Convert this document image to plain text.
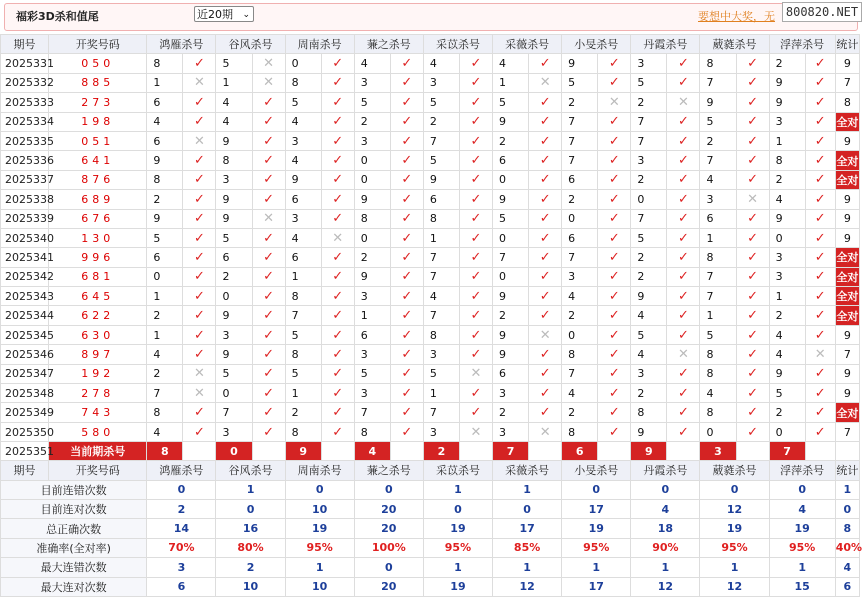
福彩3D杀和值尾	近20期 ⌄	要想中大奖，无 800820.NET
期号	开奖号码	鸿雁杀号		谷风杀号		周南杀号		蒹之杀号		采苡杀号		采薇杀号		小旻杀号		丹霞杀号		葳蕤杀号		浮萍杀号		统计
2025331	050	8	✓	5	✕	0	✓	4	✓	4	✓	4	✓	9	✓	3	✓	8	✓	2	✓	9
2025332	885	1	✕	1	✕	8	✓	3	✓	3	✓	1	✕	5	✓	5	✓	7	✓	9	✓	7
2025333	273	6	✓	4	✓	5	✓	5	✓	5	✓	5	✓	2	✕	2	✕	9	✓	9	✓	8
2025334	198	4	✓	4	✓	4	✓	2	✓	2	✓	9	✓	7	✓	7	✓	5	✓	3	✓	全对
2025335	051	6	✕	9	✓	3	✓	3	✓	7	✓	2	✓	7	✓	7	✓	2	✓	1	✓	9
2025336	641	9	✓	8	✓	4	✓	0	✓	5	✓	6	✓	7	✓	3	✓	7	✓	8	✓	全对
2025337	876	8	✓	3	✓	9	✓	0	✓	9	✓	0	✓	6	✓	2	✓	4	✓	2	✓	全对
2025338	689	2	✓	9	✓	6	✓	9	✓	6	✓	9	✓	2	✓	0	✓	3	✕	4	✓	9
2025339	676	9	✓	9	✕	3	✓	8	✓	8	✓	5	✓	0	✓	7	✓	6	✓	9	✓	9
2025340	130	5	✓	5	✓	4	✕	0	✓	1	✓	0	✓	6	✓	5	✓	1	✓	0	✓	9
2025341	996	6	✓	6	✓	6	✓	2	✓	7	✓	7	✓	7	✓	2	✓	8	✓	3	✓	全对
2025342	681	0	✓	2	✓	1	✓	9	✓	7	✓	0	✓	3	✓	2	✓	7	✓	3	✓	全对
2025343	645	1	✓	0	✓	8	✓	3	✓	4	✓	9	✓	4	✓	9	✓	7	✓	1	✓	全对
2025344	622	2	✓	9	✓	7	✓	1	✓	7	✓	2	✓	2	✓	4	✓	1	✓	2	✓	全对
2025345	630	1	✓	3	✓	5	✓	6	✓	8	✓	9	✕	0	✓	5	✓	5	✓	4	✓	9
2025346	897	4	✓	9	✓	8	✓	3	✓	3	✓	9	✓	8	✓	4	✕	8	✓	4	✕	7
2025347	192	2	✕	5	✓	5	✓	5	✓	5	✕	6	✓	7	✓	3	✓	8	✓	9	✓	9
2025348	278	7	✕	0	✓	1	✓	3	✓	1	✓	3	✓	4	✓	2	✓	4	✓	5	✓	9
2025349	743	8	✓	7	✓	2	✓	7	✓	7	✓	2	✓	2	✓	8	✓	8	✓	2	✓	全对
2025350	580	4	✓	3	✓	8	✓	8	✓	3	✕	3	✕	8	✓	9	✓	0	✓	0	✓	7
2025351	当前期杀号	8		0		9		4		2		7		6		9		3		7		
期号	开奖号码	鸿雁杀号		谷风杀号		周南杀号		蒹之杀号		采苡杀号		采薇杀号		小旻杀号		丹霞杀号		葳蕤杀号		浮萍杀号		统计
目前连错次数		0		1		0		0		1		1		0		0		0		0		1
目前连对次数		2		0		10		20		0		0		17		4		12		4		0
总正确次数		14		16		19		20		19		17		19		18		19		19		8
准确率(全对率)		70%		80%		95%		100%		95%		85%		95%		90%		95%		95%		40%
最大连错次数		3		2		1		0		1		1		1		1		1		1		4
最大连对次数		6		10		10		20		19		12		17		12		12		15		6
